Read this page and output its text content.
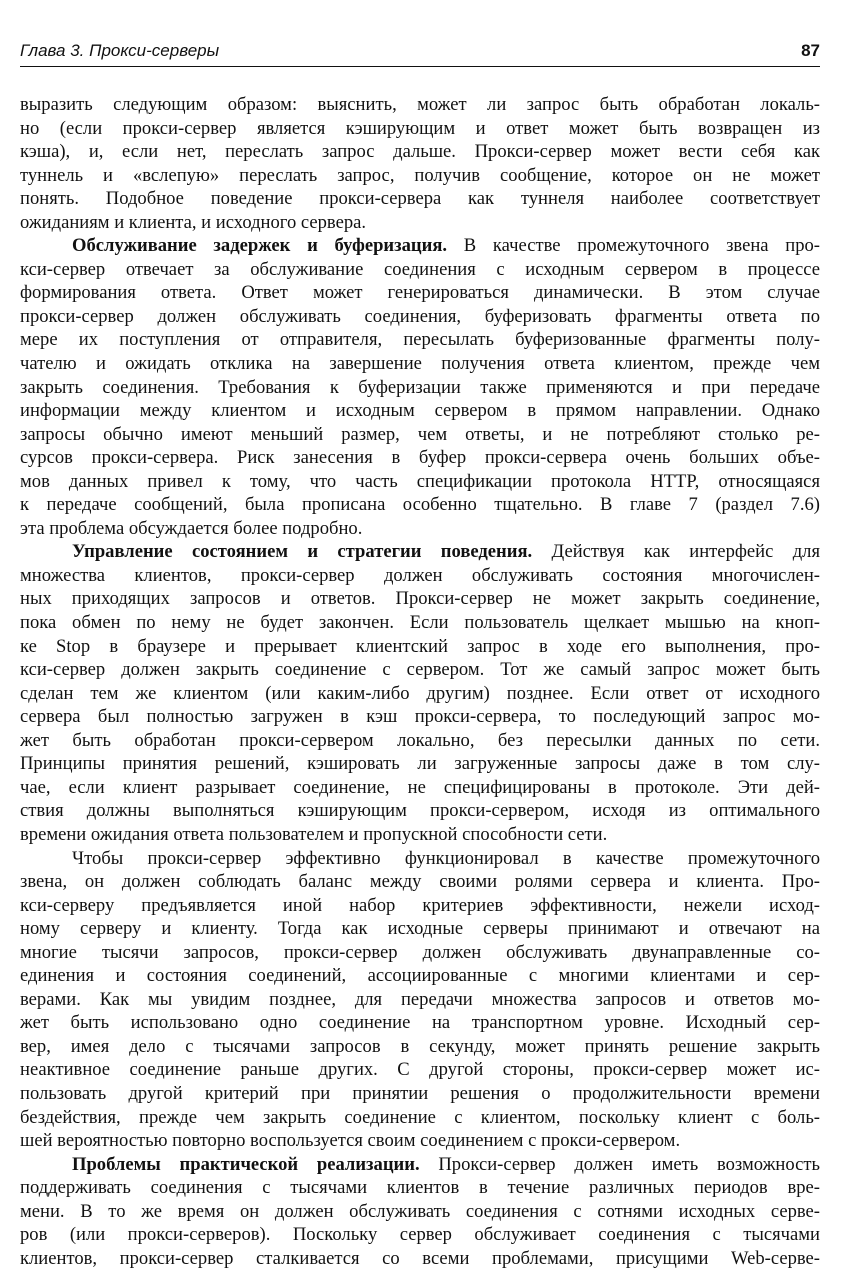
Глава 3. Прокси-серверы	87
выразить следующим образом: выяснить, может ли запрос быть обработан локаль-
но (если прокси-сервер является кэширующим и ответ может быть возвращен из
кэша), и, если нет, переслать запрос дальше. Прокси-сервер может вести себя как
туннель и «вслепую» переслать запрос, получив сообщение, которое он не может
понять. Подобное поведение прокси-сервера как туннеля наиболее соответствует
ожиданиям и клиента, и исходного сервера.
Обслуживание задержек и буферизация. В качестве промежуточного звена про-
кси-сервер отвечает за обслуживание соединения с исходным сервером в процессе
формирования ответа. Ответ может генерироваться динамически. В этом случае
прокси-сервер должен обслуживать соединения, буферизовать фрагменты ответа по
мере их поступления от отправителя, пересылать буферизованные фрагменты полу-
чателю и ожидать отклика на завершение получения ответа клиентом, прежде чем
закрыть соединения. Требования к буферизации также применяются и при передаче
информации между клиентом и исходным сервером в прямом направлении. Однако
запросы обычно имеют меньший размер, чем ответы, и не потребляют столько ре-
сурсов прокси-сервера. Риск занесения в буфер прокси-сервера очень больших объе-
мов данных привел к тому, что часть спецификации протокола HTTP, относящаяся
к передаче сообщений, была прописана особенно тщательно. В главе 7 (раздел 7.6)
эта проблема обсуждается более подробно.
Управление состоянием и стратегии поведения. Действуя как интерфейс для
множества клиентов, прокси-сервер должен обслуживать состояния многочислен-
ных приходящих запросов и ответов. Прокси-сервер не может закрыть соединение,
пока обмен по нему не будет закончен. Если пользователь щелкает мышью на кноп-
ке Stop в браузере и прерывает клиентский запрос в ходе его выполнения, про-
кси-сервер должен закрыть соединение с сервером. Тот же самый запрос может быть
сделан тем же клиентом (или каким-либо другим) позднее. Если ответ от исходного
сервера был полностью загружен в кэш прокси-сервера, то последующий запрос мо-
жет быть обработан прокси-сервером локально, без пересылки данных по сети.
Принципы принятия решений, кэшировать ли загруженные запросы даже в том слу-
чае, если клиент разрывает соединение, не специфицированы в протоколе. Эти дей-
ствия должны выполняться кэширующим прокси-сервером, исходя из оптимального
времени ожидания ответа пользователем и пропускной способности сети.
Чтобы прокси-сервер эффективно функционировал в качестве промежуточного
звена, он должен соблюдать баланс между своими ролями сервера и клиента. Про-
кси-серверу предъявляется иной набор критериев эффективности, нежели исход-
ному серверу и клиенту. Тогда как исходные серверы принимают и отвечают на
многие тысячи запросов, прокси-сервер должен обслуживать двунаправленные со-
единения и состояния соединений, ассоциированные с многими клиентами и сер-
верами. Как мы увидим позднее, для передачи множества запросов и ответов мо-
жет быть использовано одно соединение на транспортном уровне. Исходный сер-
вер, имея дело с тысячами запросов в секунду, может принять решение закрыть
неактивное соединение раньше других. С другой стороны, прокси-сервер может ис-
пользовать другой критерий при принятии решения о продолжительности времени
бездействия, прежде чем закрыть соединение с клиентом, поскольку клиент с боль-
шей вероятностью повторно воспользуется своим соединением с прокси-сервером.
Проблемы практической реализации. Прокси-сервер должен иметь возможность
поддерживать соединения с тысячами клиентов в течение различных периодов вре-
мени. В то же время он должен обслуживать соединения с сотнями исходных серве-
ров (или прокси-серверов). Поскольку сервер обслуживает соединения с тысячами
клиентов, прокси-сервер сталкивается со всеми проблемами, присущими Web-серве-
